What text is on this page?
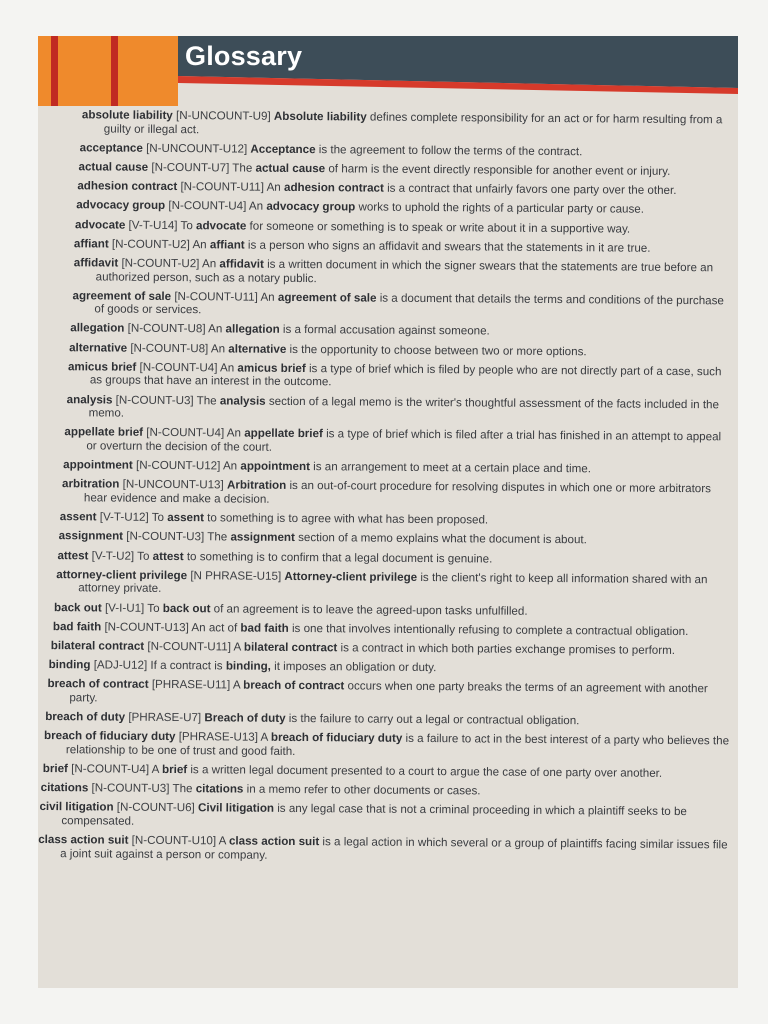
Glossary
absolute liability [N-UNCOUNT-U9] Absolute liability defines complete responsibility for an act or for harm resulting from a guilty or illegal act.
acceptance [N-UNCOUNT-U12] Acceptance is the agreement to follow the terms of the contract.
actual cause [N-COUNT-U7] The actual cause of harm is the event directly responsible for another event or injury.
adhesion contract [N-COUNT-U11] An adhesion contract is a contract that unfairly favors one party over the other.
advocacy group [N-COUNT-U4] An advocacy group works to uphold the rights of a particular party or cause.
advocate [V-T-U14] To advocate for someone or something is to speak or write about it in a supportive way.
affiant [N-COUNT-U2] An affiant is a person who signs an affidavit and swears that the statements in it are true.
affidavit [N-COUNT-U2] An affidavit is a written document in which the signer swears that the statements are true before an authorized person, such as a notary public.
agreement of sale [N-COUNT-U11] An agreement of sale is a document that details the terms and conditions of the purchase of goods or services.
allegation [N-COUNT-U8] An allegation is a formal accusation against someone.
alternative [N-COUNT-U8] An alternative is the opportunity to choose between two or more options.
amicus brief [N-COUNT-U4] An amicus brief is a type of brief which is filed by people who are not directly part of a case, such as groups that have an interest in the outcome.
analysis [N-COUNT-U3] The analysis section of a legal memo is the writer's thoughtful assessment of the facts included in the memo.
appellate brief [N-COUNT-U4] An appellate brief is a type of brief which is filed after a trial has finished in an attempt to appeal or overturn the decision of the court.
appointment [N-COUNT-U12] An appointment is an arrangement to meet at a certain place and time.
arbitration [N-UNCOUNT-U13] Arbitration is an out-of-court procedure for resolving disputes in which one or more arbitrators hear evidence and make a decision.
assent [V-T-U12] To assent to something is to agree with what has been proposed.
assignment [N-COUNT-U3] The assignment section of a memo explains what the document is about.
attest [V-T-U2] To attest to something is to confirm that a legal document is genuine.
attorney-client privilege [N PHRASE-U15] Attorney-client privilege is the client's right to keep all information shared with an attorney private.
back out [V-I-U1] To back out of an agreement is to leave the agreed-upon tasks unfulfilled.
bad faith [N-COUNT-U13] An act of bad faith is one that involves intentionally refusing to complete a contractual obligation.
bilateral contract [N-COUNT-U11] A bilateral contract is a contract in which both parties exchange promises to perform.
binding [ADJ-U12] If a contract is binding, it imposes an obligation or duty.
breach of contract [PHRASE-U11] A breach of contract occurs when one party breaks the terms of an agreement with another party.
breach of duty [PHRASE-U7] Breach of duty is the failure to carry out a legal or contractual obligation.
breach of fiduciary duty [PHRASE-U13] A breach of fiduciary duty is a failure to act in the best interest of a party who believes the relationship to be one of trust and good faith.
brief [N-COUNT-U4] A brief is a written legal document presented to a court to argue the case of one party over another.
citations [N-COUNT-U3] The citations in a memo refer to other documents or cases.
civil litigation [N-COUNT-U6] Civil litigation is any legal case that is not a criminal proceeding in which a plaintiff seeks to be compensated.
class action suit [N-COUNT-U10] A class action suit is a legal action in which several or a group of plaintiffs facing similar issues file a joint suit against a person or company.
